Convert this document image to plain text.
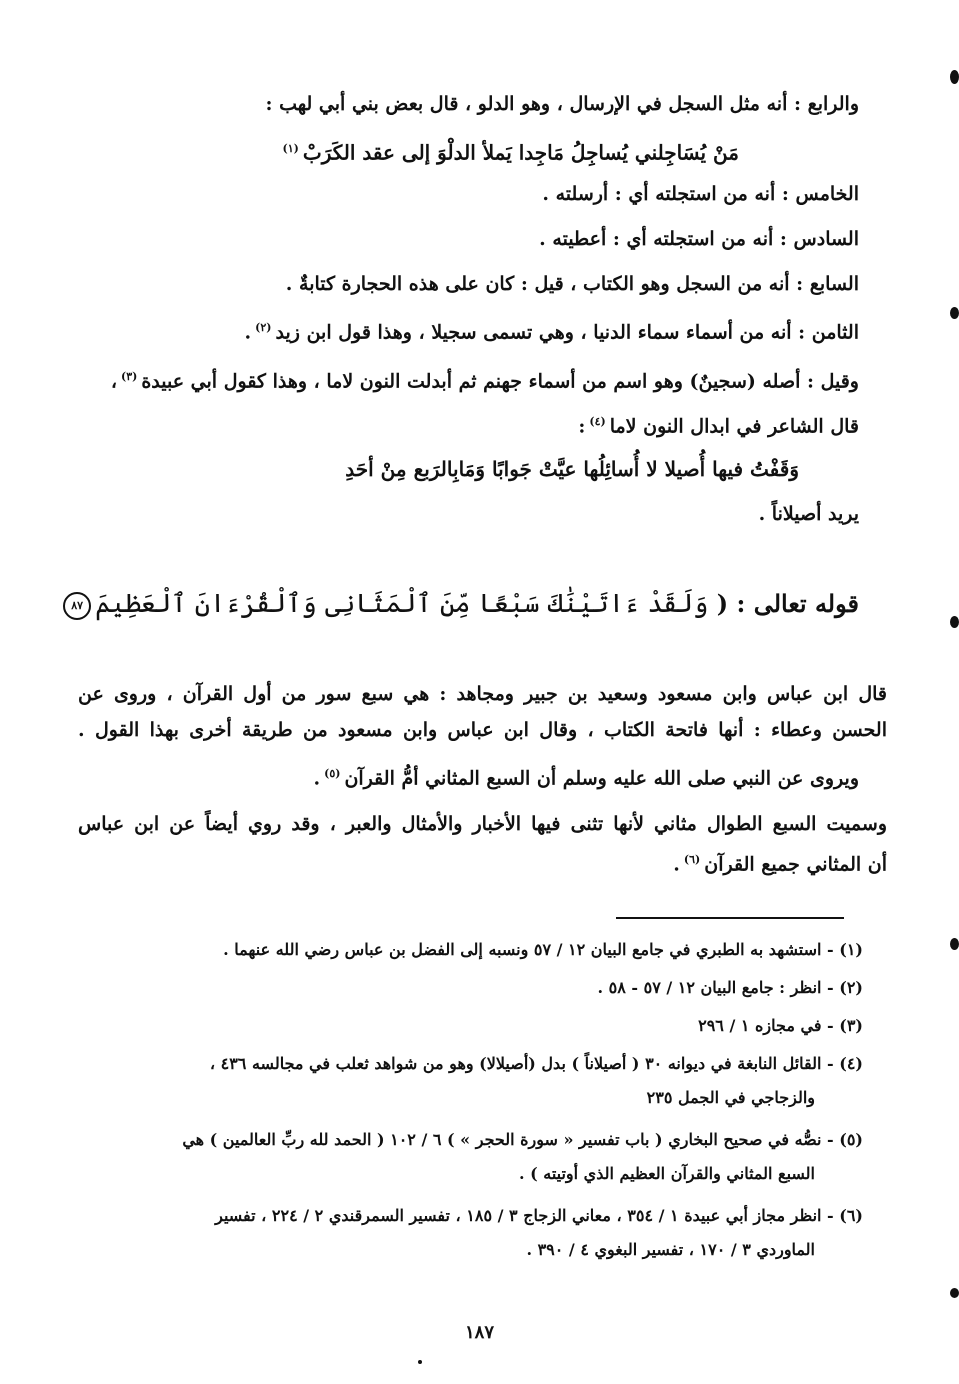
والرابع : أنه مثل السجل في الإرسال ، وهو الدلو ، قال بعض بني أبي لهب :
مَنْ يُسَاجِلني يُساجِلُ مَاجِدا يَملأ الدلْوَ إلى عقد الكَرَبْ$^{(١)}$
الخامس : أنه من استجلته أي : أرسلته .
السادس : أنه من استجلته أي : أعطيته .
السابع : أنه من السجل وهو الكتاب ، قيل : كان على هذه الحجارة كتابةٌ .
الثامن : أنه من أسماء سماء الدنيا ، وهي تسمى سجيلا ، وهذا قول ابن زيد$^{(٢)}$.
وقيل : أصله (سجينٌ) وهو اسم من أسماء جهنم ثم أبدلت النون لاما ، وهذا كقول أبي عبيدة$^{(٣)}$،
قال الشاعر في ابدال النون لاما$^{(٤)}$:
وَقَفْتُ فيها أُصيلا لا أُسائِلُها عيَّتْ جَوابًا وَمَابِالرَبع مِنْ أحَدِ
يريد أصيلاناً .
قوله تعالى : ( وَلَقَدْ ءَاتَيْنَٰكَ سَبْعًا مِّنَ ٱلْمَثَانِى وَٱلْقُرْءَانَ ٱلْعَظِيمَ٨٧
قال ابن عباس وابن مسعود وسعيد بن جبير ومجاهد : هي سبع سور من أول القرآن ، وروى عن
الحسن وعطاء : أنها فاتحة الكتاب ، وقال ابن عباس وابن مسعود من طريقة أخرى بهذا القول .
ويروى عن النبي صلى الله عليه وسلم أن السبع المثاني أمُّ القرآن$^{(٥)}$.
وسميت السبع الطوال مثاني لأنها تثنى فيها الأخبار والأمثال والعبر ، وقد روي أيضاً عن ابن عباس
أن المثاني جميع القرآن$^{(٦)}$.
(١) - استشهد به الطبري في جامع البيان ١٢ / ٥٧ ونسبه إلى الفضل بن عباس رضي الله عنهما .
(٢) - انظر : جامع البيان ١٢ / ٥٧ - ٥٨ .
(٣) - في مجازه ١ / ٢٩٦
(٤) - القائل النابغة في ديوانه ٣٠ ( أصيلاناً ) بدل (أصيلالا) وهو من شواهد ثعلب في مجالسه ٤٣٦ ،
والزجاجي في الجمل ٢٣٥
(٥) - نصُّه في صحيح البخاري ( باب تفسير « سورة الحجر » ) ٦ / ١٠٢ ( الحمد لله ربِّ العالمين ) هي
السبع المثاني والقرآن العظيم الذي أوتيته ) .
(٦) - انظر مجاز أبي عبيدة ١ / ٣٥٤ ، معاني الزجاج ٣ / ١٨٥ ، تفسير السمرقندي ٢ / ٢٢٤ ، تفسير
الماوردي ٣ / ١٧٠ ، تفسير البغوي ٤ / ٣٩٠ .
١٨٧
